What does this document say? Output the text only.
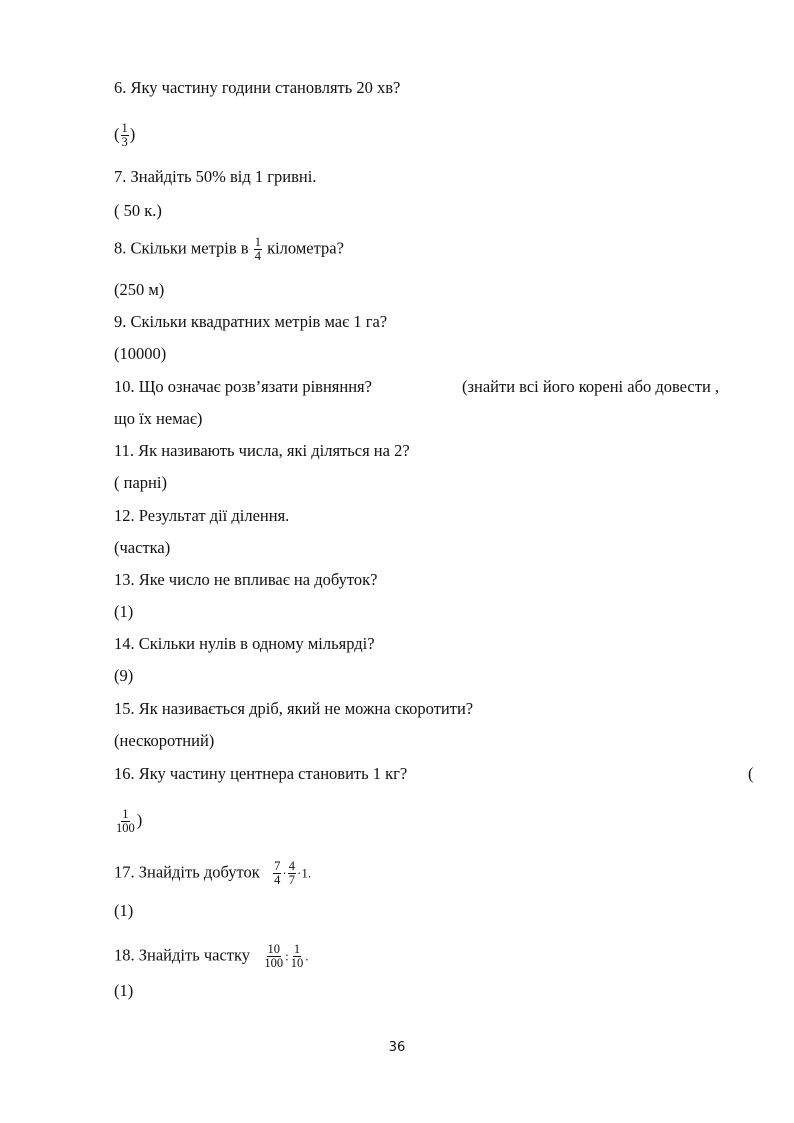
6. Яку частину години становлять 20 хв?
( $\frac{1}{3}$ )
7. Знайдіть 50% від 1 гривні.
( 50 к.)
8. Скільки метрів в $\frac{1}{4}$ кілометра?
(250 м)
9. Скільки квадратних метрів має 1 га?
(10000)
10. Що означає розв’язати рівняння?	(знайти всі його корені або довести ,
що їх немає)
11. Як називають числа, які діляться на 2?
( парні)
12. Результат дії ділення.
(частка)
13. Яке число не впливає на добуток?
(1)
14. Скільки нулів в одному мільярді?
(9)
15. Як називається дріб, який не можна скоротити?
(нескоротний)
16. Яку частину центнера становить 1 кг?	(
$\frac{1}{100}$ )
17. Знайдіть добуток $\frac{7}{4} \cdot \frac{4}{7} \cdot 1$.
(1)
18. Знайдіть частку $\frac{10}{100}$ : $\frac{1}{10}$ .
(1)
36
